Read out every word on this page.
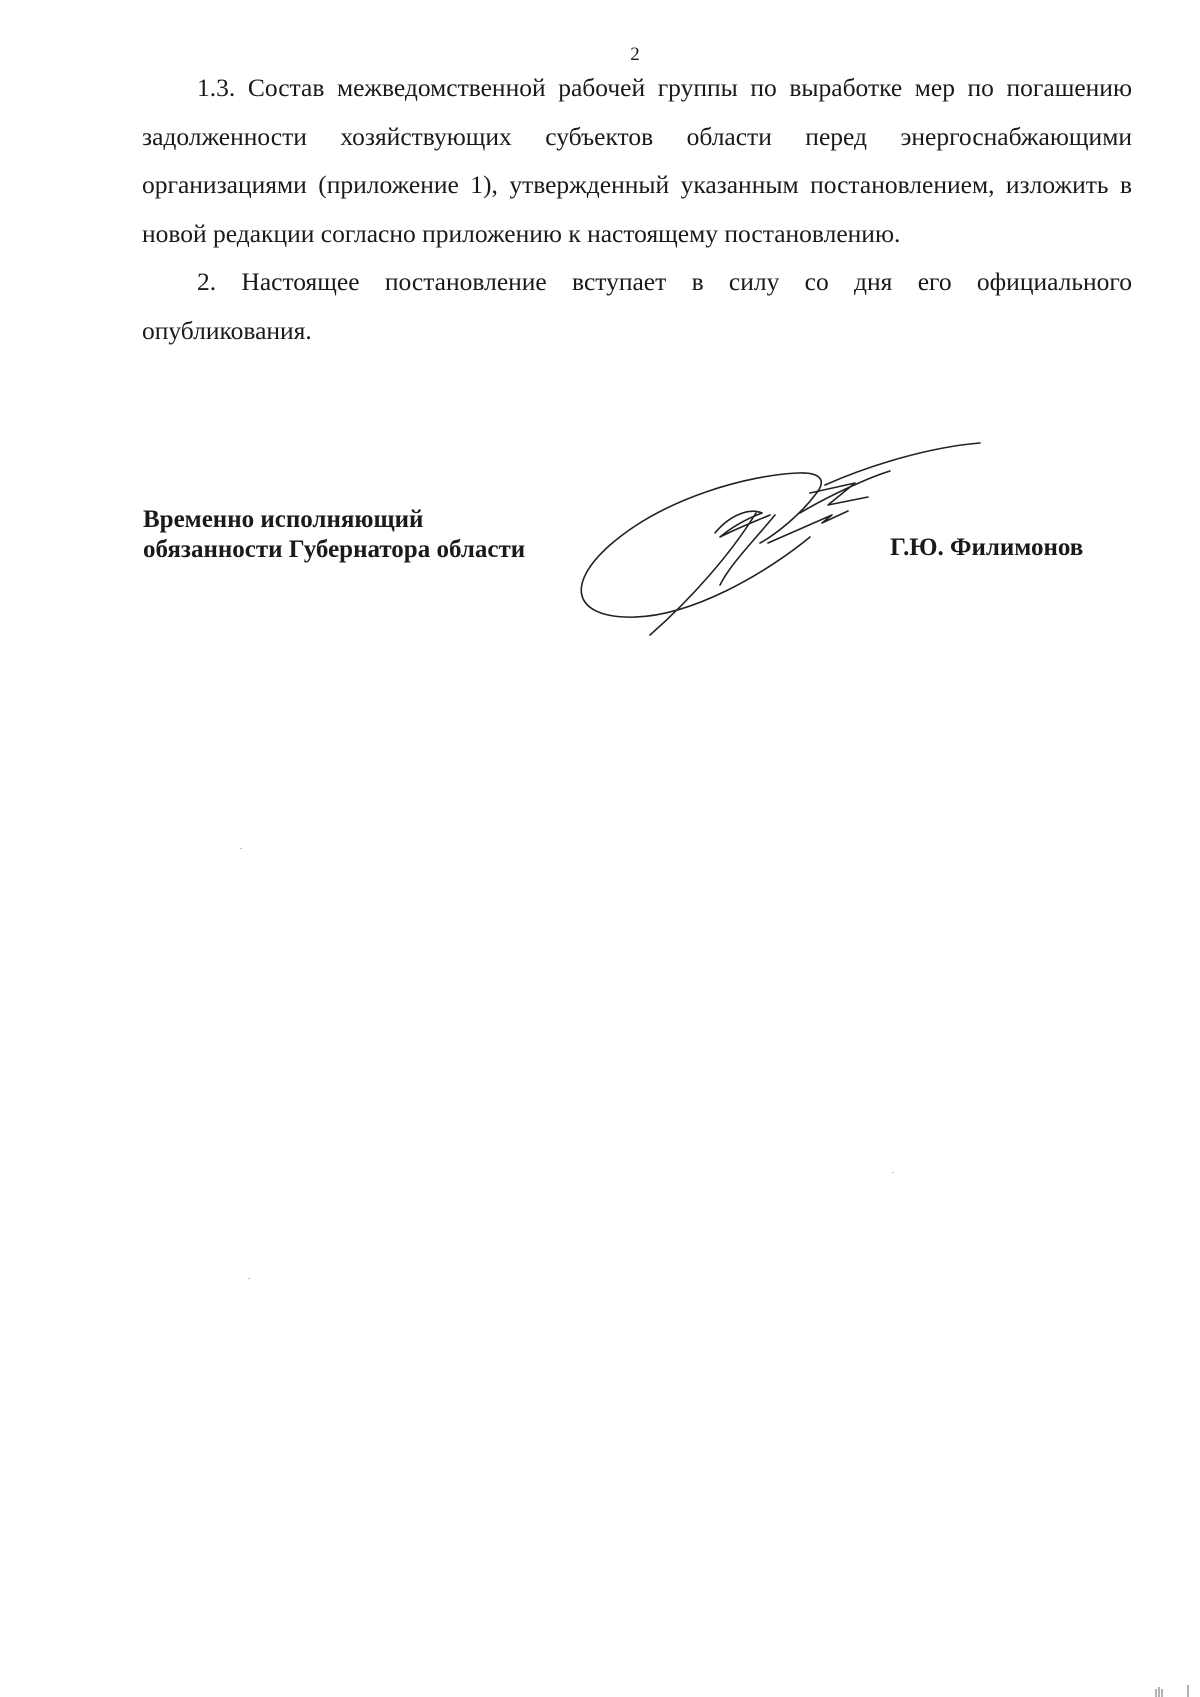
2

1.3. Состав межведомственной рабочей группы по выработке мер по погашению задолженности хозяйствующих субъектов области перед энергоснабжающими организациями (приложение 1), утвержденный указанным постановлением, изложить в новой редакции согласно приложению к настоящему постановлению.

2. Настоящее постановление вступает в силу со дня его официального опубликования.

Временно исполняющий
обязанности Губернатора области	Г.Ю. Филимонов
